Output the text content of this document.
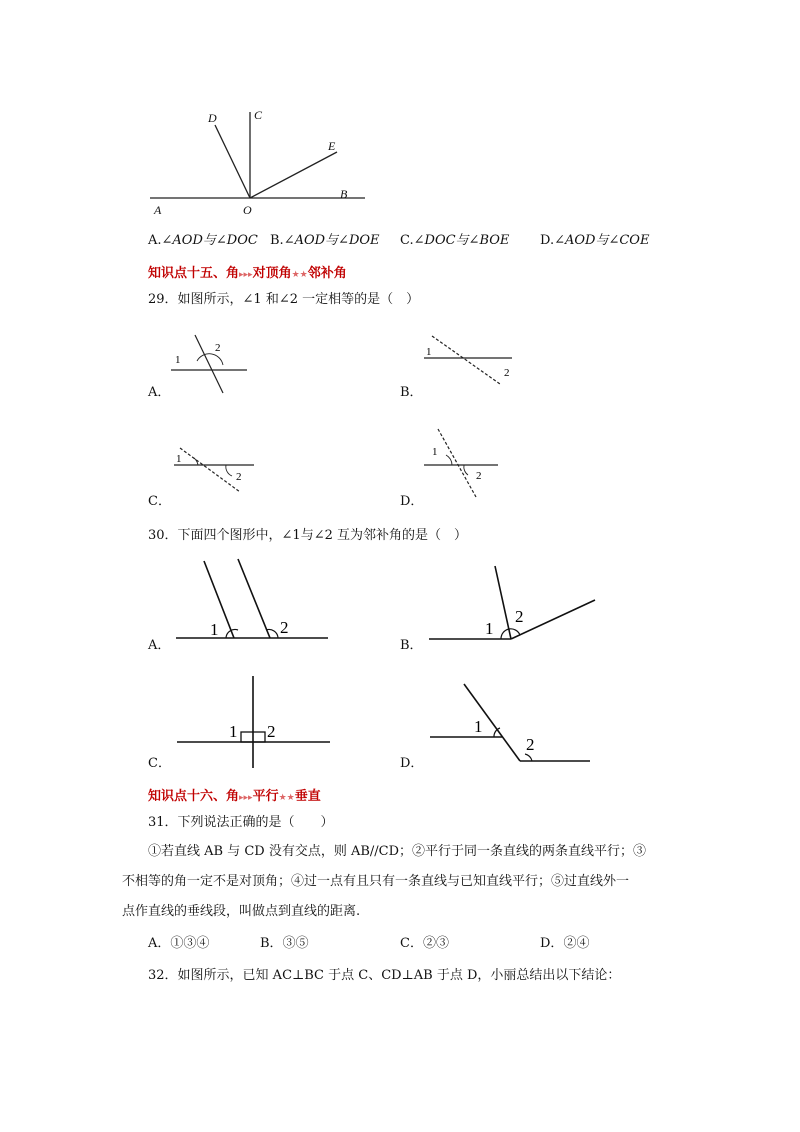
D	C
E
B
A	O
A.∠AOD与∠DOC B.∠AOD与∠DOE C.∠DOC与∠BOE D.∠AOD与∠COE
知识点十五、角▸▸▸对顶角★★邻补角
29．如图所示，∠1 和∠2 一定相等的是（　）
1
2
A．
1
2
B．
1
2
C．
1
2
D．
30．下面四个图形中，∠1与∠2 互为邻补角的是（　）
1	2
A．
1
2
B．
1 2
C．
1
2
D．
知识点十六、角▸▸▸平行★★垂直
31．下列说法正确的是（　　）
①若直线 AB 与 CD 没有交点，则 AB//CD；②平行于同一条直线的两条直线平行；③
不相等的角一定不是对顶角；④过一点有且只有一条直线与已知直线平行；⑤过直线外一
点作直线的垂线段，叫做点到直线的距离.
A．①③④	B．③⑤	C．②③	D．②④
32．如图所示，已知 AC⊥BC 于点 C、CD⊥AB 于点 D，小丽总结出以下结论：
